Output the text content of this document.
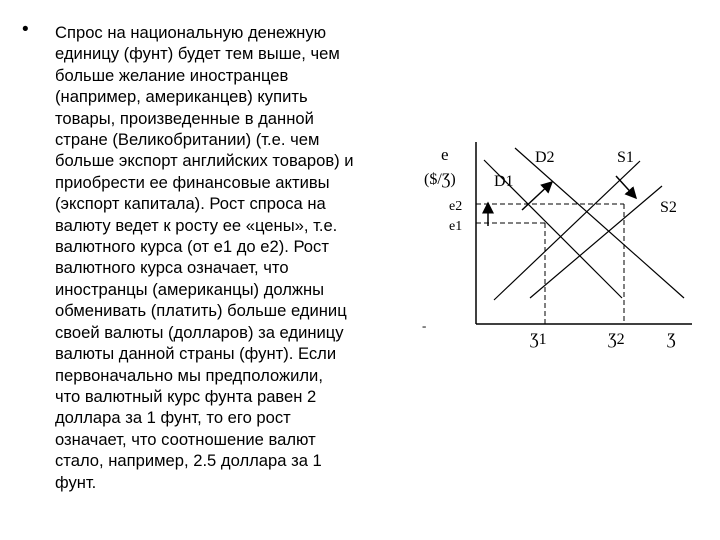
• Спрос на национальную денежную
единицу (фунт) будет тем выше, чем
больше желание иностранцев
(например, американцев) купить
товары, произведенные в данной
стране (Великобритании) (т.е. чем
больше экспорт английских товаров) и
приобрести ее финансовые активы
(экспорт капитала). Рост спроса на
валюту ведет к росту ее «цены», т.е.
валютного курса (от е1 до е2). Рост
валютного курса означает, что
иностранцы (американцы) должны
обменивать (платить) больше единиц
своей валюты (долларов) за единицу
валюты данной страны (фунт). Если
первоначально мы предположили,
что валютный курс фунта равен 2
доллара за 1 фунт, то его рост
означает, что соотношение валют
стало, например, 2.5 доллара за 1
фунт.
e
($/Ʒ)
e2
e1
Ʒ1	Ʒ2	Ʒ
D1
D2	S1
S2
-
